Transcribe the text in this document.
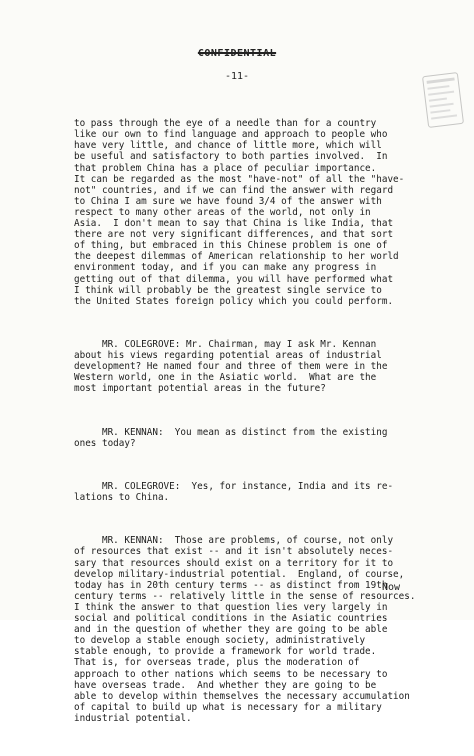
CONFIDENTIAL
-11-

to pass through the eye of a needle than for a country
like our own to find language and approach to people who
have very little, and chance of little more, which will
be useful and satisfactory to both parties involved.  In
that problem China has a place of peculiar importance.
It can be regarded as the most "have-not" of all the "have-
not" countries, and if we can find the answer with regard
to China I am sure we have found 3/4 of the answer with
respect to many other areas of the world, not only in
Asia.  I don't mean to say that China is like India, that
there are not very significant differences, and that sort
of thing, but embraced in this Chinese problem is one of
the deepest dilemmas of American relationship to her world
environment today, and if you can make any progress in
getting out of that dilemma, you will have performed what
I think will probably be the greatest single service to
the United States foreign policy which you could perform.

MR. COLEGROVE: Mr. Chairman, may I ask Mr. Kennan
about his views regarding potential areas of industrial
development? He named four and three of them were in the
Western world, one in the Asiatic world.  What are the
most important potential areas in the future?

MR. KENNAN:  You mean as distinct from the existing
ones today?

MR. COLEGROVE:  Yes, for instance, India and its re-
lations to China.

MR. KENNAN:  Those are problems, of course, not only
of resources that exist -- and it isn't absolutely neces-
sary that resources should exist on a territory for it to
develop military-industrial potential.  England, of course,
today has in 20th century terms -- as distinct from 19th
century terms -- relatively little in the sense of resources.
I think the answer to that question lies very largely in
social and political conditions in the Asiatic countries
and in the question of whether they are going to be able
to develop a stable enough society, administratively
stable enough, to provide a framework for world trade.
That is, for overseas trade, plus the moderation of
approach to other nations which seems to be necessary to
have overseas trade.  And whether they are going to be
able to develop within themselves the necessary accumulation
of capital to build up what is necessary for a military
industrial potential.

Now
